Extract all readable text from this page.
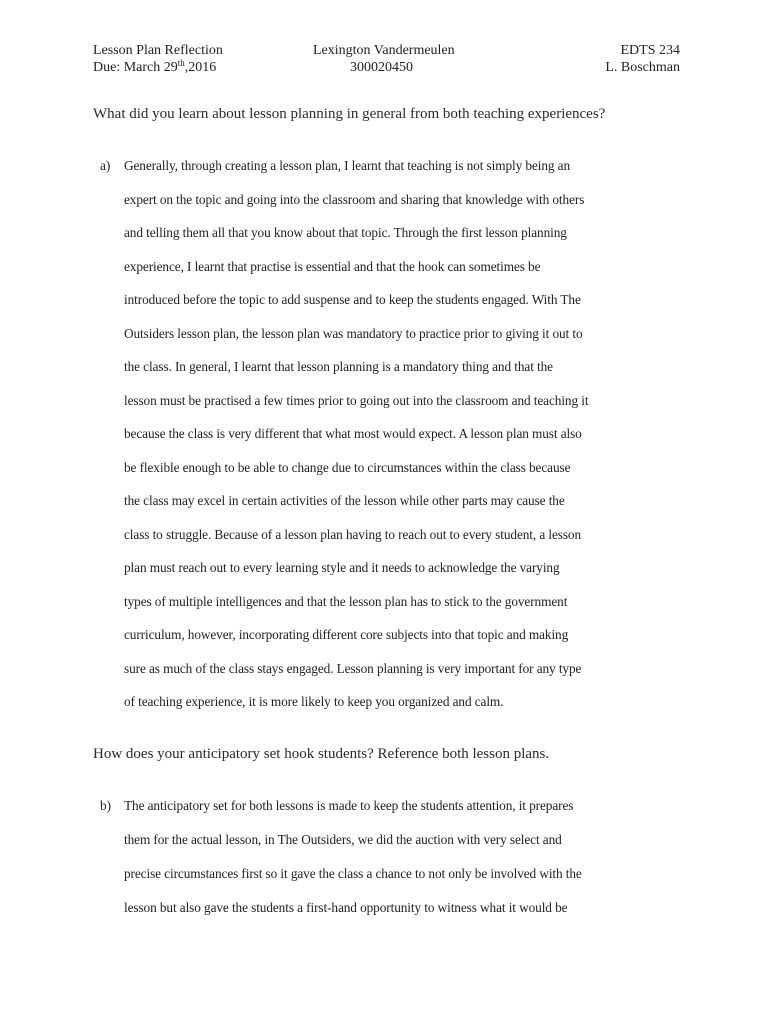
Lesson Plan Reflection
Due: March 29th,2016
Lexington Vandermeulen
300020450
EDTS 234
L. Boschman
What did you learn about lesson planning in general from both teaching experiences?
a) Generally, through creating a lesson plan, I learnt that teaching is not simply being an
expert on the topic and going into the classroom and sharing that knowledge with others
and telling them all that you know about that topic. Through the first lesson planning
experience, I learnt that practise is essential and that the hook can sometimes be
introduced before the topic to add suspense and to keep the students engaged. With The
Outsiders lesson plan, the lesson plan was mandatory to practice prior to giving it out to
the class. In general, I learnt that lesson planning is a mandatory thing and that the
lesson must be practised a few times prior to going out into the classroom and teaching it
because the class is very different that what most would expect. A lesson plan must also
be flexible enough to be able to change due to circumstances within the class because
the class may excel in certain activities of the lesson while other parts may cause the
class to struggle. Because of a lesson plan having to reach out to every student, a lesson
plan must reach out to every learning style and it needs to acknowledge the varying
types of multiple intelligences and that the lesson plan has to stick to the government
curriculum, however, incorporating different core subjects into that topic and making
sure as much of the class stays engaged. Lesson planning is very important for any type
of teaching experience, it is more likely to keep you organized and calm.
How does your anticipatory set hook students? Reference both lesson plans.
b) The anticipatory set for both lessons is made to keep the students attention, it prepares
them for the actual lesson, in The Outsiders, we did the auction with very select and
precise circumstances first so it gave the class a chance to not only be involved with the
lesson but also gave the students a first-hand opportunity to witness what it would be
